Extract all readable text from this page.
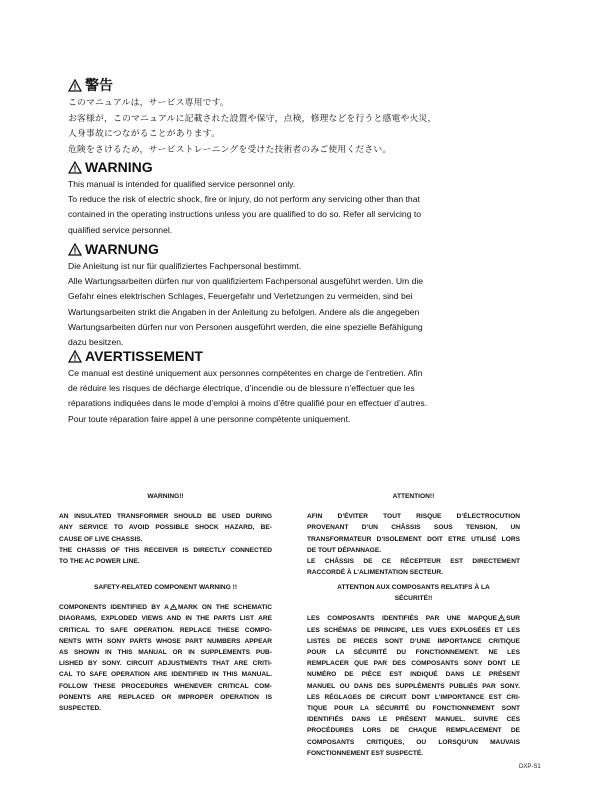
警告
このマニュアルは，サービス専用です。
お客様が，このマニュアルに記載された設置や保守，点検，修理などを行うと感電や火災，
人身事故につながることがあります。
危険をさけるため，サービストレーニングを受けた技術者のみご使用ください。
WARNING
This manual is intended for qualified service personnel only.
To reduce the risk of electric shock, fire or injury, do not perform any servicing other than that
contained in the operating instructions unless you are qualified to do so. Refer all servicing to
qualified service personnel.
WARNUNG
Die Anleitung ist nur für qualifiziertes Fachpersonal bestimmt.
Alle Wartungsarbeiten dürfen nur von qualifiziertem Fachpersonal ausgeführt werden. Um die
Gefahr eines elektrischen Schlages, Feuergefahr und Verletzungen zu vermeiden, sind bei
Wartungsarbeiten strikt die Angaben in der Anleitung zu befolgen. Andere als die angegeben
Wartungsarbeiten dürfen nur von Personen ausgeführt werden, die eine spezielle Befähigung
dazu besitzen.
AVERTISSEMENT
Ce manual est destiné uniquement aux personnes compétentes en charge de l’entretien. Afin
de réduire les risques de décharge électrique, d’incendie ou de blessure n’effectuer que les
réparations indiquées dans le mode d’emploi à moins d’être qualifié pour en effectuer d’autres.
Pour toute réparation faire appel à une personne compétente uniquement.
WARNING!!
AN INSULATED TRANSFORMER SHOULD BE USED DURING
ANY SERVICE TO AVOID POSSIBLE SHOCK HAZARD, BE-
CAUSE OF LIVE CHASSIS.
THE CHASSIS OF THIS RECEIVER IS DIRECTLY CONNECTED
TO THE AC POWER LINE.
SAFETY-RELATED COMPONENT WARNING !!
COMPONENTS IDENTIFIED BY A MARK ON THE SCHEMATIC
DIAGRAMS, EXPLODED VIEWS AND IN THE PARTS LIST ARE
CRITICAL TO SAFE OPERATION. REPLACE THESE COMPO-
NENTS WITH SONY PARTS WHOSE PART NUMBERS APPEAR
AS SHOWN IN THIS MANUAL OR IN SUPPLEMENTS PUB-
LISHED BY SONY. CIRCUIT ADJUSTMENTS THAT ARE CRITI-
CAL TO SAFE OPERATION ARE IDENTIFIED IN THIS MANUAL.
FOLLOW THESE PROCEDURES WHENEVER CRITICAL COM-
PONENTS ARE REPLACED OR IMPROPER OPERATION IS
SUSPECTED.
ATTENTION!!
AFIN D’ÉVITER TOUT RISQUE D’ÉLECTROCUTION
PROVENANT D’UN CHÂSSIS SOUS TENSION, UN
TRANSFORMATEUR D’ISOLEMENT DOIT ETRE UTILISÉ LORS
DE TOUT DÉPANNAGE.
LE CHÂSSIS DE CE RÉCEPTEUR EST DIRECTEMENT
RACCORDÉ À L’ALIMENTATION SECTEUR.
ATTENTION AUX COMPOSANTS RELATIFS À LA
SÉCURITÉ!!
LES COMPOSANTS IDENTIFIÉS PAR UNE MAPQUE SUR
LES SCHÉMAS DE PRINCIPE, LES VUES EXPLOSÉES ET LES
LISTES DE PIECES SONT D’UNE IMPORTANCE CRITIQUE
POUR LA SÉCURITÉ DU FONCTIONNEMENT. NE LES
REMPLACER QUE PAR DES COMPOSANTS SONY DONT LE
NUMÉRO DE PIÈCE EST INDIQUÉ DANS LE PRÉSENT
MANUEL OU DANS DES SUPPLÉMENTS PUBLIÉS PAR SONY.
LES RÉGLAGES DE CIRCUIT DONT L’IMPORTANCE EST CRI-
TIQUE POUR LA SÉCURITÉ DU FONCTIONNEMENT SONT
IDENTIFIÉS DANS LE PRÉSENT MANUEL. SUIVRE CES
PROCÉDURES LORS DE CHAQUE REMPLACEMENT DE
COMPOSANTS CRITIQUES, OU LORSQU’UN MAUVAIS
FONCTIONNEMENT EST SUSPECTÉ.
DXP-S1
